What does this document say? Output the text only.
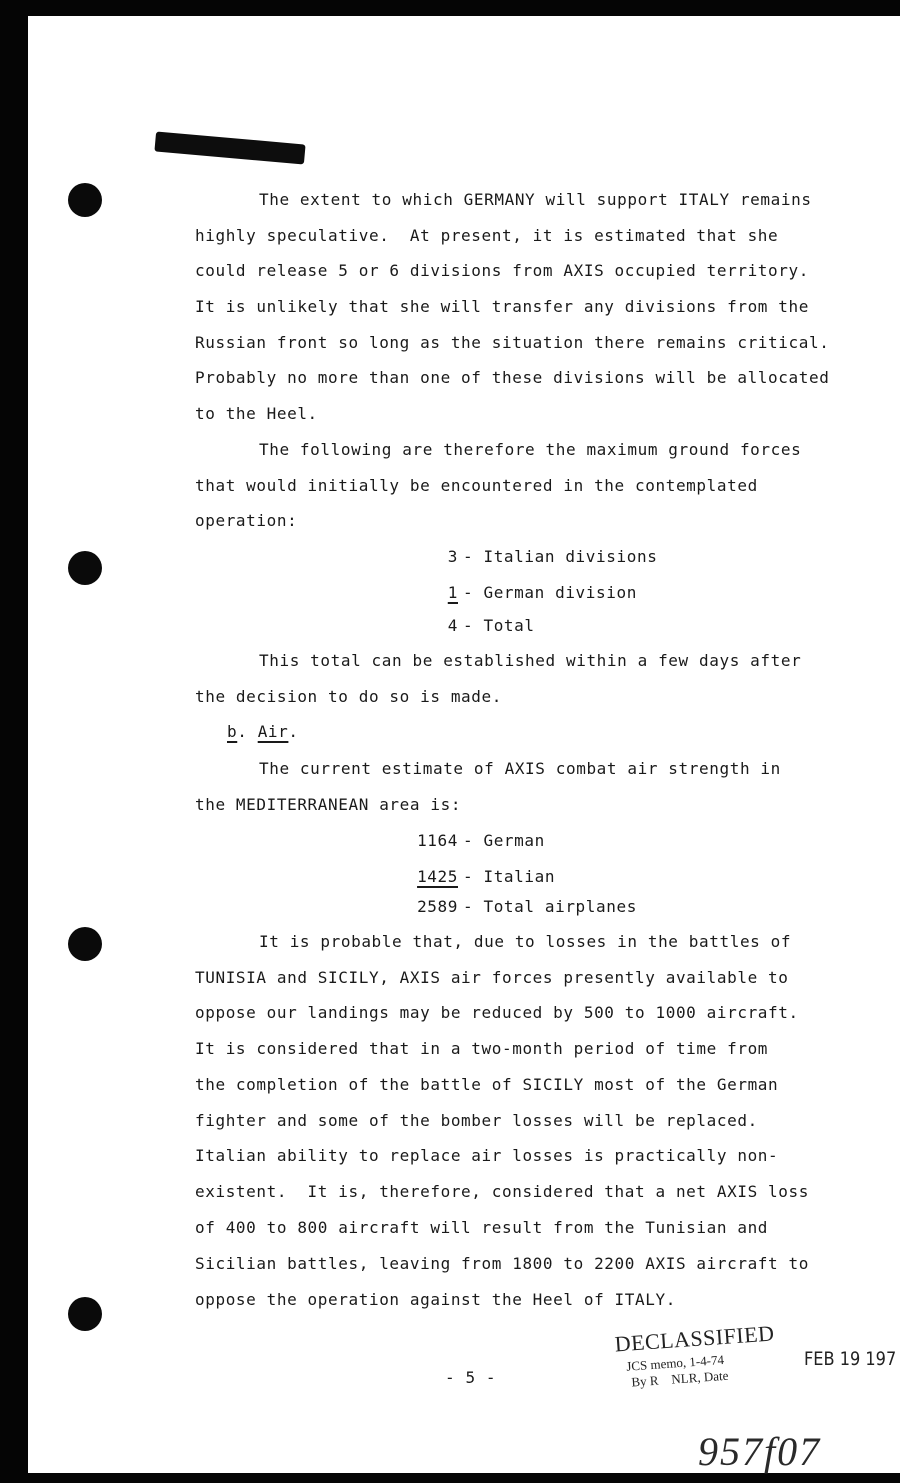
The extent to which GERMANY will support ITALY remains
highly speculative.  At present, it is estimated that she
could release 5 or 6 divisions from AXIS occupied territory.
It is unlikely that she will transfer any divisions from the
Russian front so long as the situation there remains critical.
Probably no more than one of these divisions will be allocated
to the Heel.
The following are therefore the maximum ground forces
that would initially be encountered in the contemplated
operation:
3 - Italian divisions
1 - German division
4 - Total
This total can be established within a few days after
the decision to do so is made.
b. Air.
The current estimate of AXIS combat air strength in
the MEDITERRANEAN area is:
1164 - German
1425 - Italian
2589 - Total airplanes
It is probable that, due to losses in the battles of
TUNISIA and SICILY, AXIS air forces presently available to
oppose our landings may be reduced by 500 to 1000 aircraft.
It is considered that in a two-month period of time from
the completion of the battle of SICILY most of the German
fighter and some of the bomber losses will be replaced.
Italian ability to replace air losses is practically non-
existent.  It is, therefore, considered that a net AXIS loss
of 400 to 800 aircraft will result from the Tunisian and
Sicilian battles, leaving from 1800 to 2200 AXIS aircraft to
oppose the operation against the Heel of ITALY.
- 5 -
DECLASSIFIED
JCS memo, 1-4-74
By R    NLR, Date
FEB 19 197
957f07
